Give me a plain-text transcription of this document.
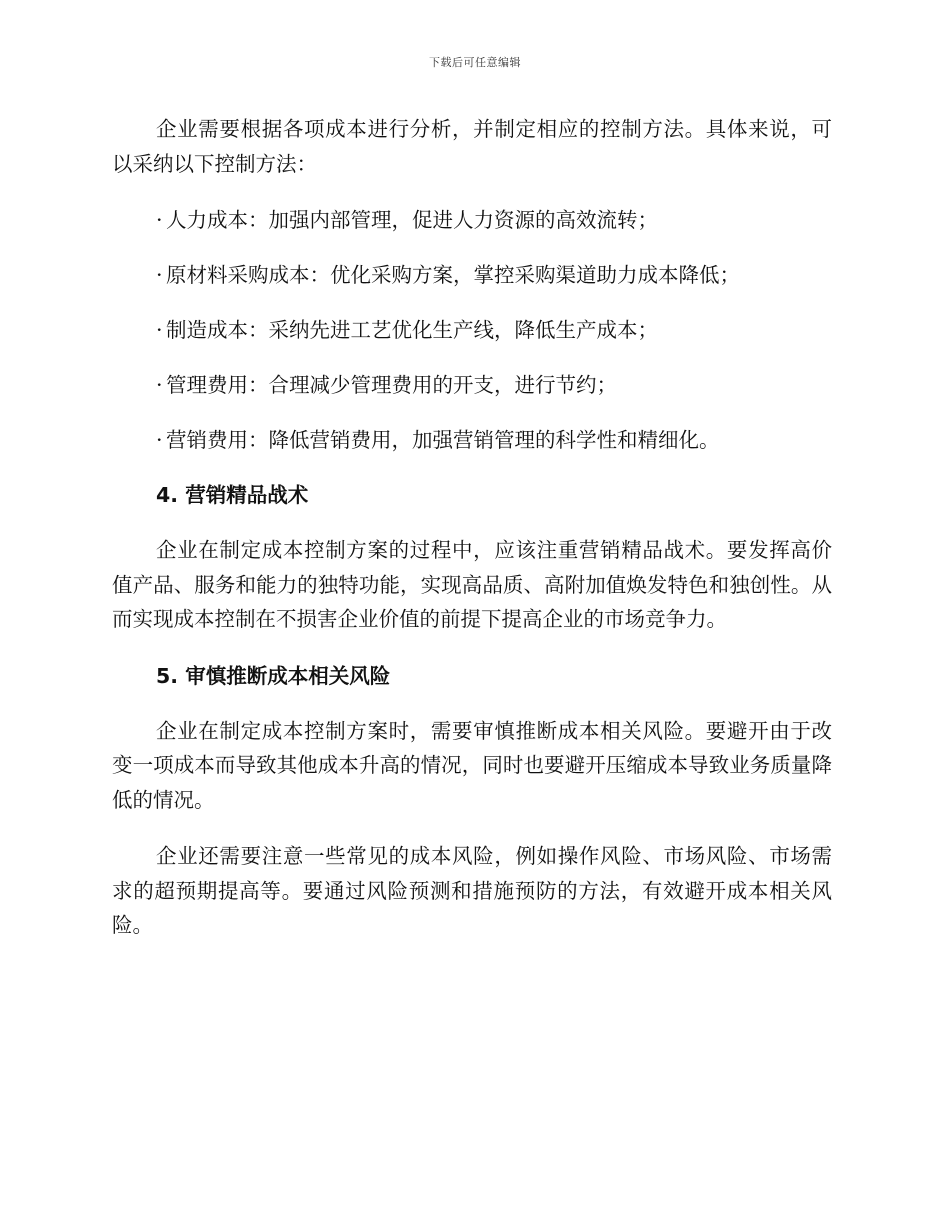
下载后可任意编辑

企业需要根据各项成本进行分析，并制定相应的控制方法。具体来说，可以采纳以下控制方法：

· 人力成本：加强内部管理，促进人力资源的高效流转；
· 原材料采购成本：优化采购方案，掌控采购渠道助力成本降低；
· 制造成本：采纳先进工艺优化生产线，降低生产成本；
· 管理费用：合理减少管理费用的开支，进行节约；
· 营销费用：降低营销费用，加强营销管理的科学性和精细化。
4. 营销精品战术

企业在制定成本控制方案的过程中，应该注重营销精品战术。要发挥高价值产品、服务和能力的独特功能，实现高品质、高附加值焕发特色和独创性。从而实现成本控制在不损害企业价值的前提下提高企业的市场竞争力。

5. 审慎推断成本相关风险

企业在制定成本控制方案时，需要审慎推断成本相关风险。要避开由于改变一项成本而导致其他成本升高的情况，同时也要避开压缩成本导致业务质量降低的情况。

企业还需要注意一些常见的成本风险，例如操作风险、市场风险、市场需求的超预期提高等。要通过风险预测和措施预防的方法，有效避开成本相关风险。
